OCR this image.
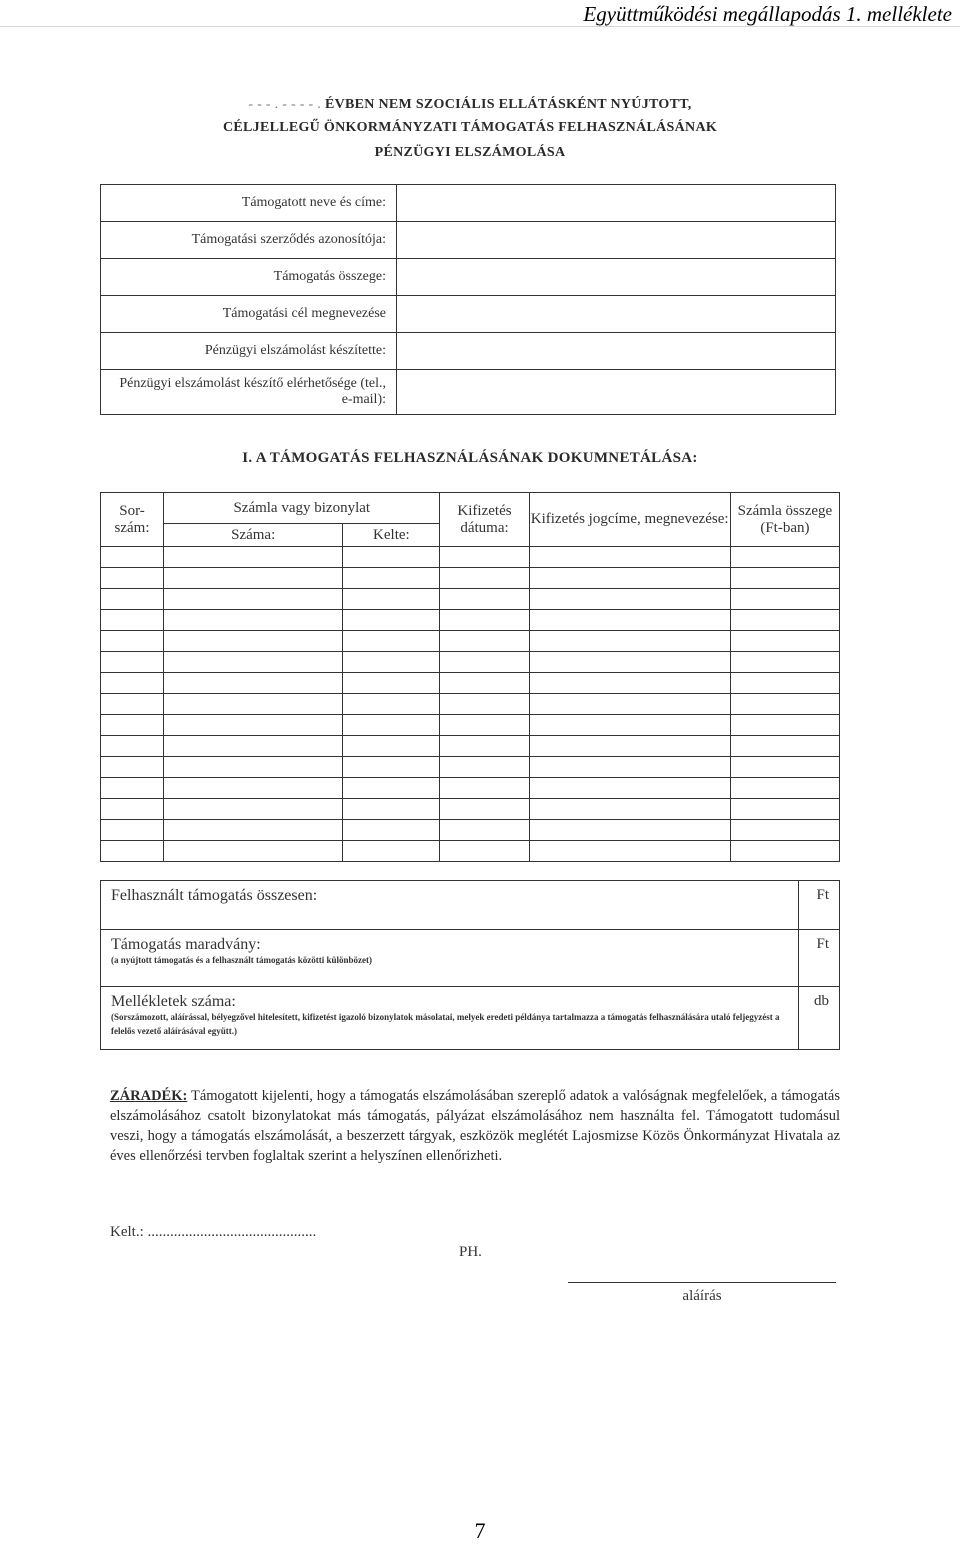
Együttműködési megállapodás 1. melléklete
- - - . - - - - . ÉVBEN NEM SZOCIÁLIS ELLÁTÁSKÉNT NYÚJTOTT,
CÉLJELLEGŰ ÖNKORMÁNYZATI TÁMOGATÁS FELHASZNÁLÁSÁNAK
PÉNZÜGYI ELSZÁMOLÁSA
Támogatott neve és címe:	
Támogatási szerződés azonosítója:	
Támogatás összege:	
Támogatási cél megnevezése	
Pénzügyi elszámolást készítette:	
Pénzügyi elszámolást készítő elérhetősége (tel., e-mail):	
I. A TÁMOGATÁS FELHASZNÁLÁSÁNAK DOKUMNETÁLÁSA:
Sor- szám:	Számla vagy bizonylat		Kifizetés dátuma:	Kifizetés jogcíme, megnevezése:	Számla összege (Ft-ban)
	Száma:	Kelte:			

Felhasznált támogatás összesen:	Ft

Támogatás maradvány:
(a nyújtott támogatás és a felhasznált támogatás közötti különbözet)	Ft

Mellékletek száma:
(Sorszámozott, aláírással, bélyegzővel hitelesített, kifizetést igazoló bizonylatok másolatai, melyek eredeti példánya tartalmazza a támogatás felhasználására utaló feljegyzést a felelős vezető aláírásával együtt.)	db
ZÁRADÉK: Támogatott kijelenti, hogy a támogatás elszámolásában szereplő adatok a valóságnak megfelelőek, a támogatás elszámolásához csatolt bizonylatokat más támogatás, pályázat elszámolásához nem használta fel. Támogatott tudomásul veszi, hogy a támogatás elszámolását, a beszerzett tárgyak, eszközök meglétét Lajosmizse Közös Önkormányzat Hivatala az éves ellenőrzési tervben foglaltak szerint a helyszínen ellenőrizheti.
Kelt.: .............................................
PH.
aláírás
7
